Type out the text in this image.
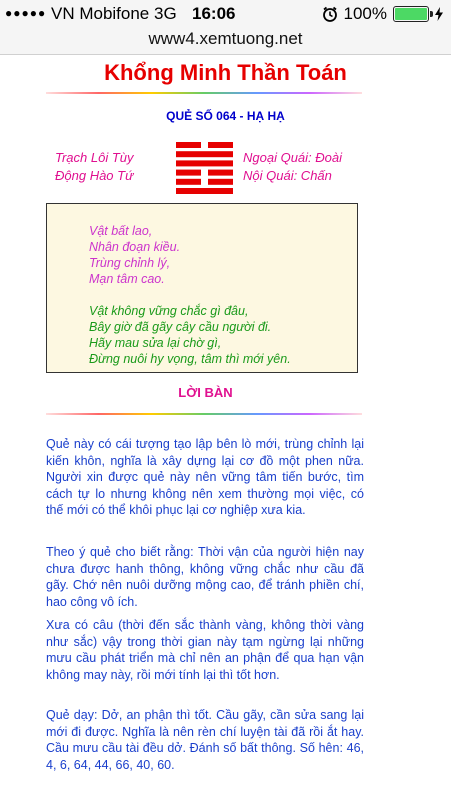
●●●●● VN Mobifone 3G 16:06	100%
www4.xemtuong.net
Khổng Minh Thần Toán
QUẺ SỐ 064 - HẠ HẠ
Trạch Lôi Tùy
Động Hào Tứ
Ngoại Quái: Đoài
Nội Quái: Chấn
Vật bất lao,
Nhân đoạn kiều.
Trùng chỉnh lý,
Mạn tâm cao.
Vật không vững chắc gì đâu,
Bây giờ đã gãy cây cầu người đi.
Hãy mau sửa lại chờ gì,
Đừng nuôi hy vọng, tâm thì mới yên.
LỜI BÀN
Quẻ này có cái tượng tạo lập bên lò mới, trùng chỉnh lại kiến khôn, nghĩa là xây dựng lại cơ đồ một phen nữa. Người xin được quẻ này nên vững tâm tiến bước, tìm cách tự lo nhưng không nên xem thường mọi việc, có thế mới có thể khôi phục lại cơ nghiệp xưa kia.
Theo ý quẻ cho biết rằng: Thời vận của người hiện nay chưa được hanh thông, không vững chắc như cầu đã gãy. Chớ nên nuôi dưỡng mộng cao, để tránh phiền chí, hao công vô ích.
Xưa có câu (thời đến sắc thành vàng, không thời vàng như sắc) vậy trong thời gian này tạm ngừng lại những mưu cầu phát triển mà chỉ nên an phận để qua hạn vận không may này, rồi mới tính lại thì tốt hơn.
Quẻ dạy: Dở, an phận thì tốt. Cầu gãy, cần sửa sang lại mới đi được. Nghĩa là nên rèn chí luyện tài đã rồi ắt hay. Cầu mưu cầu tài đều dở. Đánh số bất thông. Số hên: 46, 4, 6, 64, 44, 66, 40, 60.
